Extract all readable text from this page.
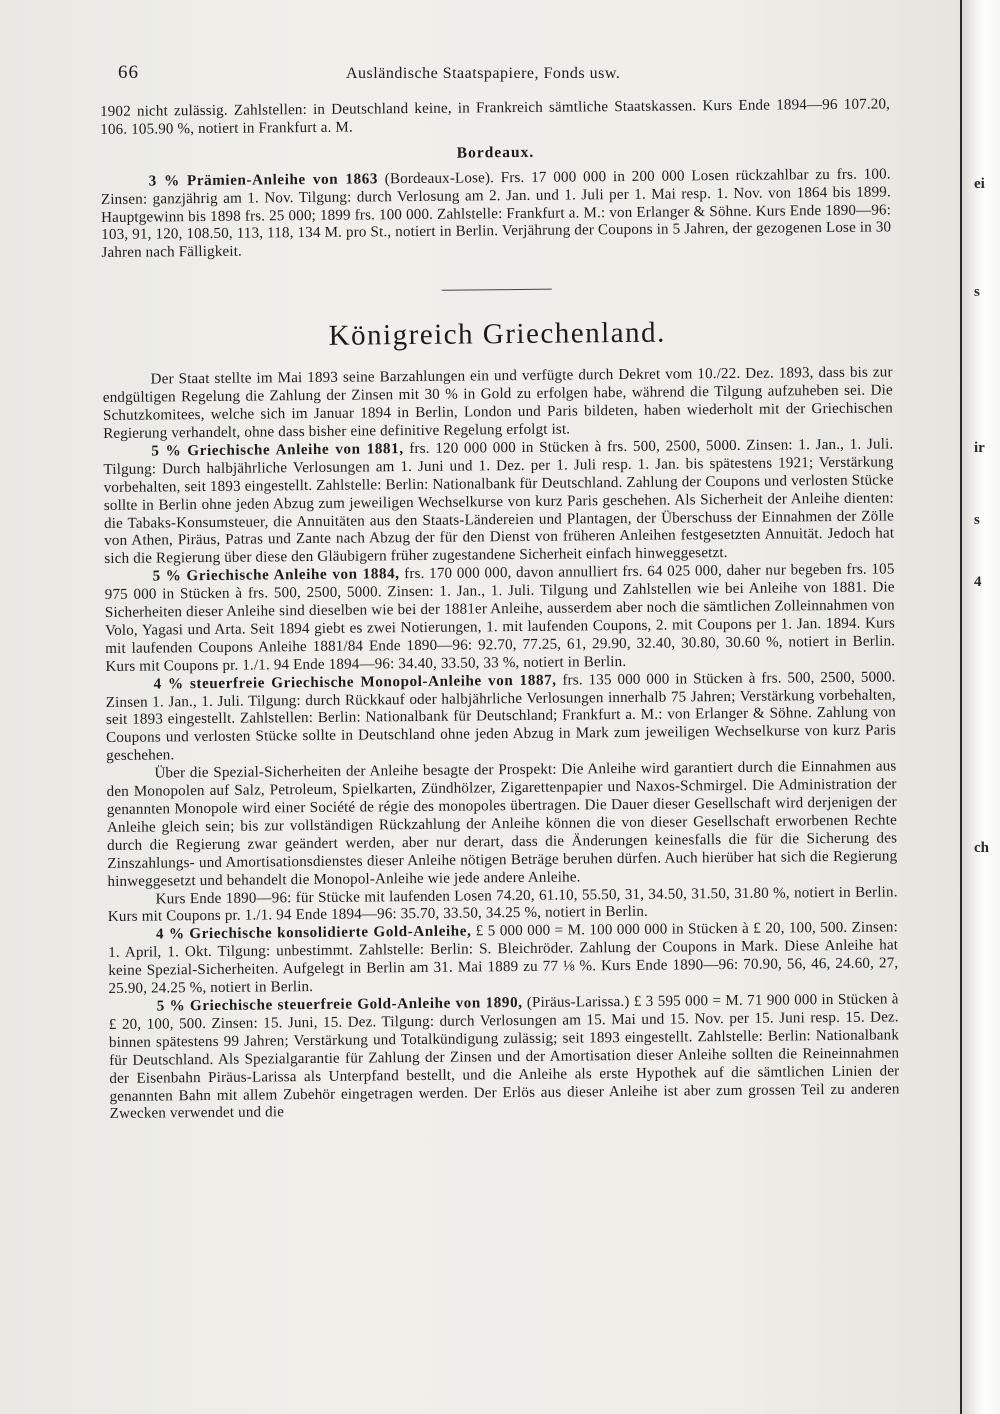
66	Ausländische Staatspapiere, Fonds usw.

1902 nicht zulässig. Zahlstellen: in Deutschland keine, in Frankreich sämtliche Staatskassen. Kurs Ende 1894—96 107.20, 106. 105.90 %, notiert in Frankfurt a. M.

Bordeaux.

3 % Prämien-Anleihe von 1863 (Bordeaux-Lose). Frs. 17 000 000 in 200 000 Losen rückzahlbar zu frs. 100. Zinsen: ganzjährig am 1. Nov. Tilgung: durch Verlosung am 2. Jan. und 1. Juli per 1. Mai resp. 1. Nov. von 1864 bis 1899. Hauptgewinn bis 1898 frs. 25 000; 1899 frs. 100 000. Zahlstelle: Frankfurt a. M.: von Erlanger & Söhne. Kurs Ende 1890—96: 103, 91, 120, 108.50, 113, 118, 134 M. pro St., notiert in Berlin. Verjährung der Coupons in 5 Jahren, der gezogenen Lose in 30 Jahren nach Fälligkeit.

Königreich Griechenland.

Der Staat stellte im Mai 1893 seine Barzahlungen ein und verfügte durch Dekret vom 10./22. Dez. 1893, dass bis zur endgültigen Regelung die Zahlung der Zinsen mit 30 % in Gold zu erfolgen habe, während die Tilgung aufzuheben sei. Die Schutzkomitees, welche sich im Januar 1894 in Berlin, London und Paris bildeten, haben wiederholt mit der Griechischen Regierung verhandelt, ohne dass bisher eine definitive Regelung erfolgt ist.

5 % Griechische Anleihe von 1881, frs. 120 000 000 in Stücken à frs. 500, 2500, 5000. Zinsen: 1. Jan., 1. Juli. Tilgung: Durch halbjährliche Verlosungen am 1. Juni und 1. Dez. per 1. Juli resp. 1. Jan. bis spätestens 1921; Verstärkung vorbehalten, seit 1893 eingestellt. Zahlstelle: Berlin: Nationalbank für Deutschland. Zahlung der Coupons und verlosten Stücke sollte in Berlin ohne jeden Abzug zum jeweiligen Wechselkurse von kurz Paris geschehen. Als Sicherheit der Anleihe dienten: die Tabaks-Konsumsteuer, die Annuitäten aus den Staats-Ländereien und Plantagen, der Überschuss der Einnahmen der Zölle von Athen, Piräus, Patras und Zante nach Abzug der für den Dienst von früheren Anleihen festgesetzten Annuität. Jedoch hat sich die Regierung über diese den Gläubigern früher zugestandene Sicherheit einfach hinweggesetzt.

5 % Griechische Anleihe von 1884, frs. 170 000 000, davon annulliert frs. 64 025 000, daher nur begeben frs. 105 975 000 in Stücken à frs. 500, 2500, 5000. Zinsen: 1. Jan., 1. Juli. Tilgung und Zahlstellen wie bei Anleihe von 1881. Die Sicherheiten dieser Anleihe sind dieselben wie bei der 1881er Anleihe, ausserdem aber noch die sämtlichen Zolleinnahmen von Volo, Yagasi und Arta. Seit 1894 giebt es zwei Notierungen, 1. mit laufenden Coupons, 2. mit Coupons per 1. Jan. 1894. Kurs mit laufenden Coupons Anleihe 1881/84 Ende 1890—96: 92.70, 77.25, 61, 29.90, 32.40, 30.80, 30.60 %, notiert in Berlin. Kurs mit Coupons pr. 1./1. 94 Ende 1894—96: 34.40, 33.50, 33 %, notiert in Berlin.

4 % steuerfreie Griechische Monopol-Anleihe von 1887, frs. 135 000 000 in Stücken à frs. 500, 2500, 5000. Zinsen 1. Jan., 1. Juli. Tilgung: durch Rückkauf oder halbjährliche Verlosungen innerhalb 75 Jahren; Verstärkung vorbehalten, seit 1893 eingestellt. Zahlstellen: Berlin: Nationalbank für Deutschland; Frankfurt a. M.: von Erlanger & Söhne. Zahlung von Coupons und verlosten Stücke sollte in Deutschland ohne jeden Abzug in Mark zum jeweiligen Wechselkurse von kurz Paris geschehen.

Über die Spezial-Sicherheiten der Anleihe besagte der Prospekt: Die Anleihe wird garantiert durch die Einnahmen aus den Monopolen auf Salz, Petroleum, Spielkarten, Zündhölzer, Zigarettenpapier und Naxos-Schmirgel. Die Administration der genannten Monopole wird einer Société de régie des monopoles übertragen. Die Dauer dieser Gesellschaft wird derjenigen der Anleihe gleich sein; bis zur vollständigen Rückzahlung der Anleihe können die von dieser Gesellschaft erworbenen Rechte durch die Regierung zwar geändert werden, aber nur derart, dass die Änderungen keinesfalls die für die Sicherung des Zinszahlungs- und Amortisationsdienstes dieser Anleihe nötigen Beträge beruhen dürfen. Auch hierüber hat sich die Regierung hinweggesetzt und behandelt die Monopol-Anleihe wie jede andere Anleihe.

Kurs Ende 1890—96: für Stücke mit laufenden Losen 74.20, 61.10, 55.50, 31, 34.50, 31.50, 31.80 %, notiert in Berlin. Kurs mit Coupons pr. 1./1. 94 Ende 1894—96: 35.70, 33.50, 34.25 %, notiert in Berlin.

4 % Griechische konsolidierte Gold-Anleihe, £ 5 000 000 = M. 100 000 000 in Stücken à £ 20, 100, 500. Zinsen: 1. April, 1. Okt. Tilgung: unbestimmt. Zahlstelle: Berlin: S. Bleichröder. Zahlung der Coupons in Mark. Diese Anleihe hat keine Spezial-Sicherheiten. Aufgelegt in Berlin am 31. Mai 1889 zu 77 ⅛ %. Kurs Ende 1890—96: 70.90, 56, 46, 24.60, 27, 25.90, 24.25 %, notiert in Berlin.

5 % Griechische steuerfreie Gold-Anleihe von 1890, (Piräus-Larissa.) £ 3 595 000 = M. 71 900 000 in Stücken à £ 20, 100, 500. Zinsen: 15. Juni, 15. Dez. Tilgung: durch Verlosungen am 15. Mai und 15. Nov. per 15. Juni resp. 15. Dez. binnen spätestens 99 Jahren; Verstärkung und Totalkündigung zulässig; seit 1893 eingestellt. Zahlstelle: Berlin: Nationalbank für Deutschland. Als Spezialgarantie für Zahlung der Zinsen und der Amortisation dieser Anleihe sollten die Reineinnahmen der Eisenbahn Piräus-Larissa als Unterpfand bestellt, und die Anleihe als erste Hypothek auf die sämtlichen Linien der genannten Bahn mit allem Zubehör eingetragen werden. Der Erlös aus dieser Anleihe ist aber zum grossen Teil zu anderen Zwecken verwendet und die

ei
s
ir
s
4
ch
